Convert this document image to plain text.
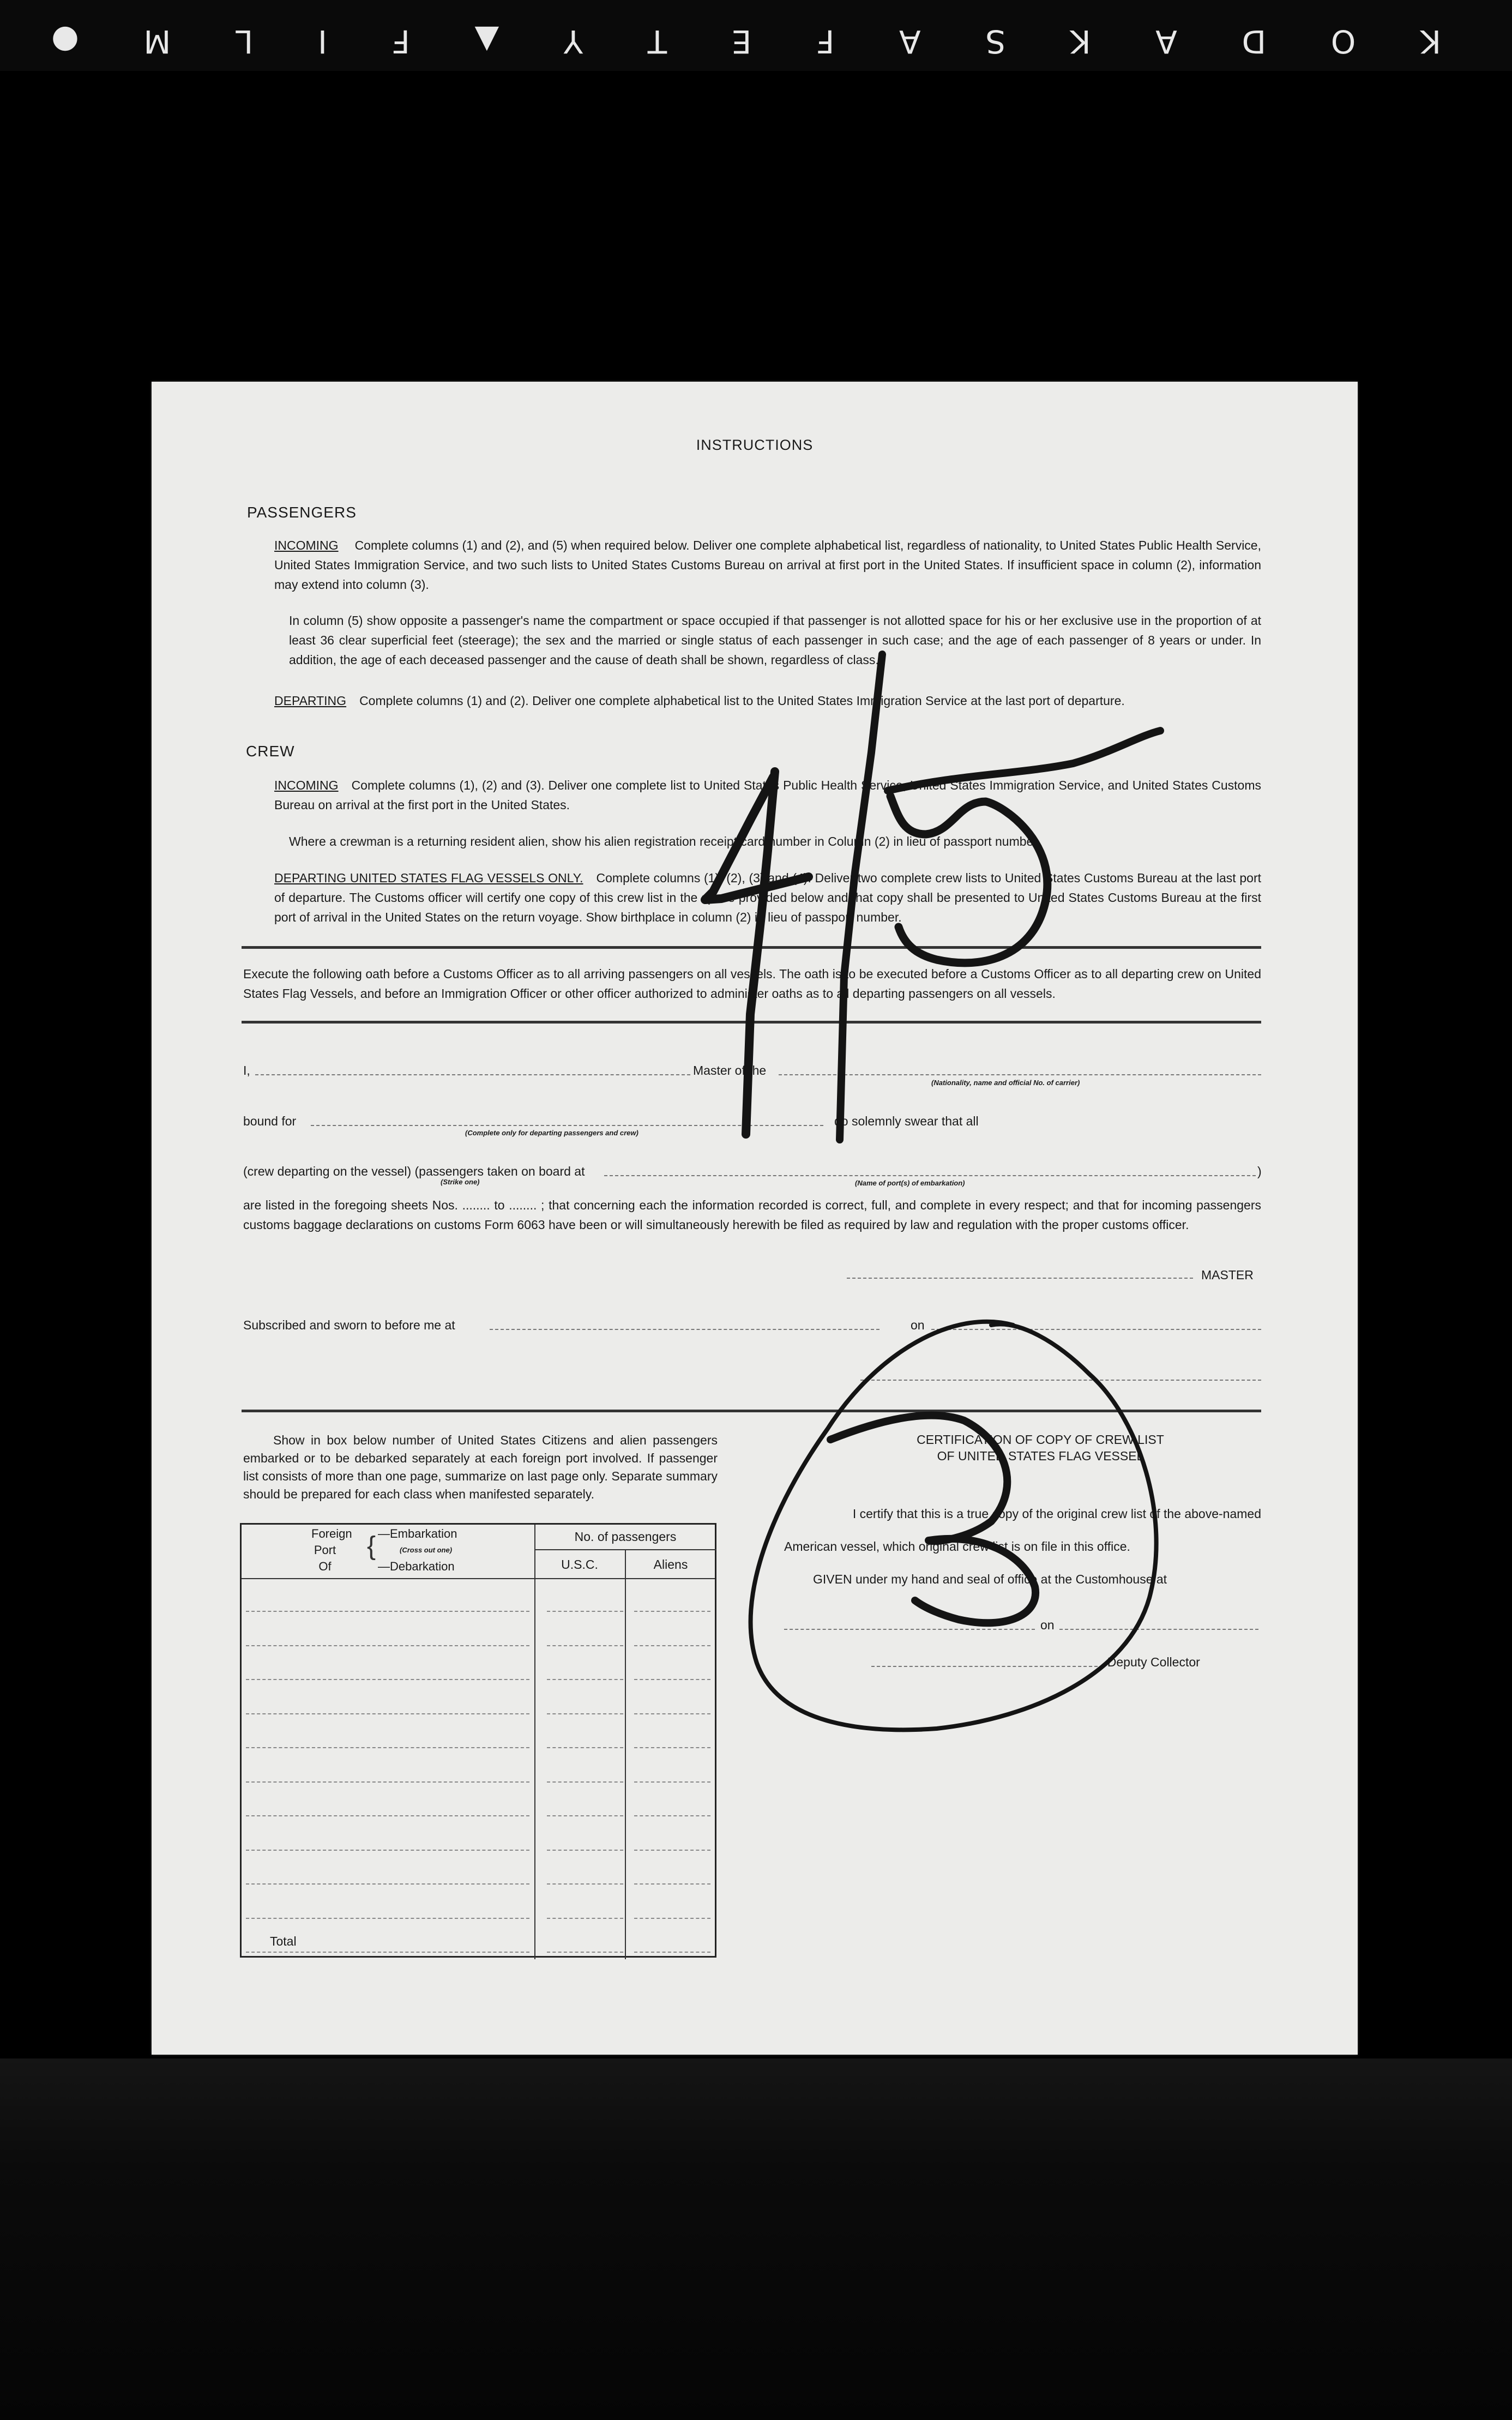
K
O
D
A
K
S
A
F
E
T
Y
▲
F
I
L
M
●
INSTRUCTIONS
PASSENGERS
INCOMING Complete columns (1) and (2), and (5) when required below. Deliver one complete alphabetical list, regardless of nationality, to United States Public Health Service, United States Immigration Service, and two such lists to United States Customs Bureau on arrival at first port in the United States. If insufficient space in column (2), information may extend into column (3).
In column (5) show opposite a passenger's name the compartment or space occupied if that passenger is not allotted space for his or her exclusive use in the proportion of at least 36 clear superficial feet (steerage); the sex and the married or single status of each passenger in such case; and the age of each passenger of 8 years or under. In addition, the age of each deceased passenger and the cause of death shall be shown, regardless of class.
DEPARTING Complete columns (1) and (2). Deliver one complete alphabetical list to the United States Immigration Service at the last port of departure.
CREW
INCOMING Complete columns (1), (2) and (3). Deliver one complete list to United States Public Health Service, United States Immigration Service, and United States Customs Bureau on arrival at the first port in the United States.
Where a crewman is a returning resident alien, show his alien registration receipt card number in Column (2) in lieu of passport number.
DEPARTING UNITED STATES FLAG VESSELS ONLY. Complete columns (1), (2), (3) and (4). Deliver two complete crew lists to United States Customs Bureau at the last port of departure. The Customs officer will certify one copy of this crew list in the space provided below and that copy shall be presented to United States Customs Bureau at the first port of arrival in the United States on the return voyage. Show birthplace in column (2) in lieu of passport number.
Execute the following oath before a Customs Officer as to all arriving passengers on all vessels. The oath is to be executed before a Customs Officer as to all departing crew on United States Flag Vessels, and before an Immigration Officer or other officer authorized to administer oaths as to all departing passengers on all vessels.
I,	Master of the
(Nationality, name and official No. of carrier)
bound for
(Complete only for departing passengers and crew)
do solemnly swear that all
(crew departing on the vessel) (passengers taken on board at
(Strike one)	(Name of port(s) of embarkation)
)
are listed in the foregoing sheets Nos. ........ to ........ ; that concerning each the information recorded is correct, full, and complete in every respect; and that for incoming passengers customs baggage declarations on customs Form 6063 have been or will simultaneously herewith be filed as required by law and regulation with the proper customs officer.
MASTER
Subscribed and sworn to before me at	on
Show in box below number of United States Citizens and alien passengers embarked or to be debarked separately at each foreign port involved. If passenger list consists of more than one page, summarize on last page only. Separate summary should be prepared for each class when manifested separately.
Foreign
Port
Of
{ —Embarkation
(Cross out one)
—Debarkation
No. of passengers
U.S.C.	Aliens
Total
CERTIFICATION OF COPY OF CREW LIST
OF UNITED STATES FLAG VESSEL
I certify that this is a true copy of the original crew list of the above-named
American vessel, which original crew list is on file in this office.
GIVEN under my hand and seal of office at the Customhouse at
on
, Deputy Collector
